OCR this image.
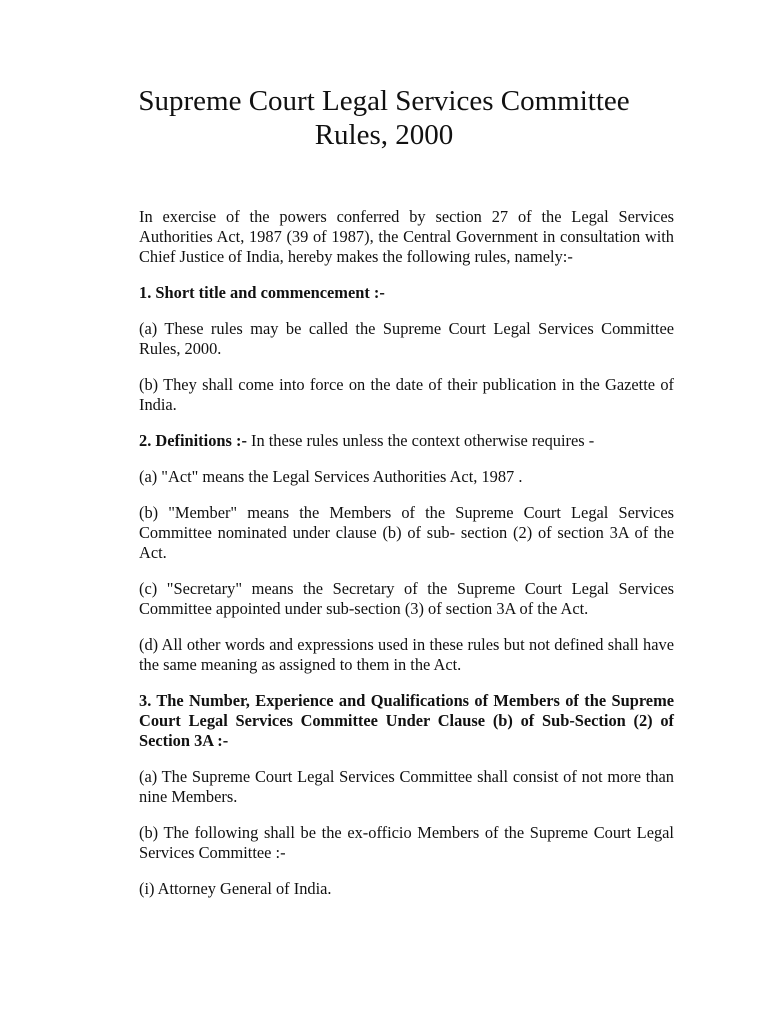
Supreme Court Legal Services Committee
Rules, 2000

In exercise of the powers conferred by section 27 of the Legal Services Authorities Act, 1987 (39 of 1987), the Central Government in consultation with Chief Justice of India, hereby makes the following rules, namely:-

1. Short title and commencement :-

(a) These rules may be called the Supreme Court Legal Services Committee Rules, 2000.

(b) They shall come into force on the date of their publication in the Gazette of India.

2. Definitions :- In these rules unless the context otherwise requires -

(a) "Act" means the Legal Services Authorities Act, 1987 .

(b) "Member" means the Members of the Supreme Court Legal Services Committee nominated under clause (b) of sub- section (2) of section 3A of the Act.

(c) "Secretary" means the Secretary of the Supreme Court Legal Services Committee appointed under sub-section (3) of section 3A of the Act.

(d) All other words and expressions used in these rules but not defined shall have the same meaning as assigned to them in the Act.

3. The Number, Experience and Qualifications of Members of the Supreme Court Legal Services Committee Under Clause (b) of Sub-Section (2) of Section 3A :-

(a) The Supreme Court Legal Services Committee shall consist of not more than nine Members.

(b) The following shall be the ex-officio Members of the Supreme Court Legal Services Committee :-

(i) Attorney General of India.
